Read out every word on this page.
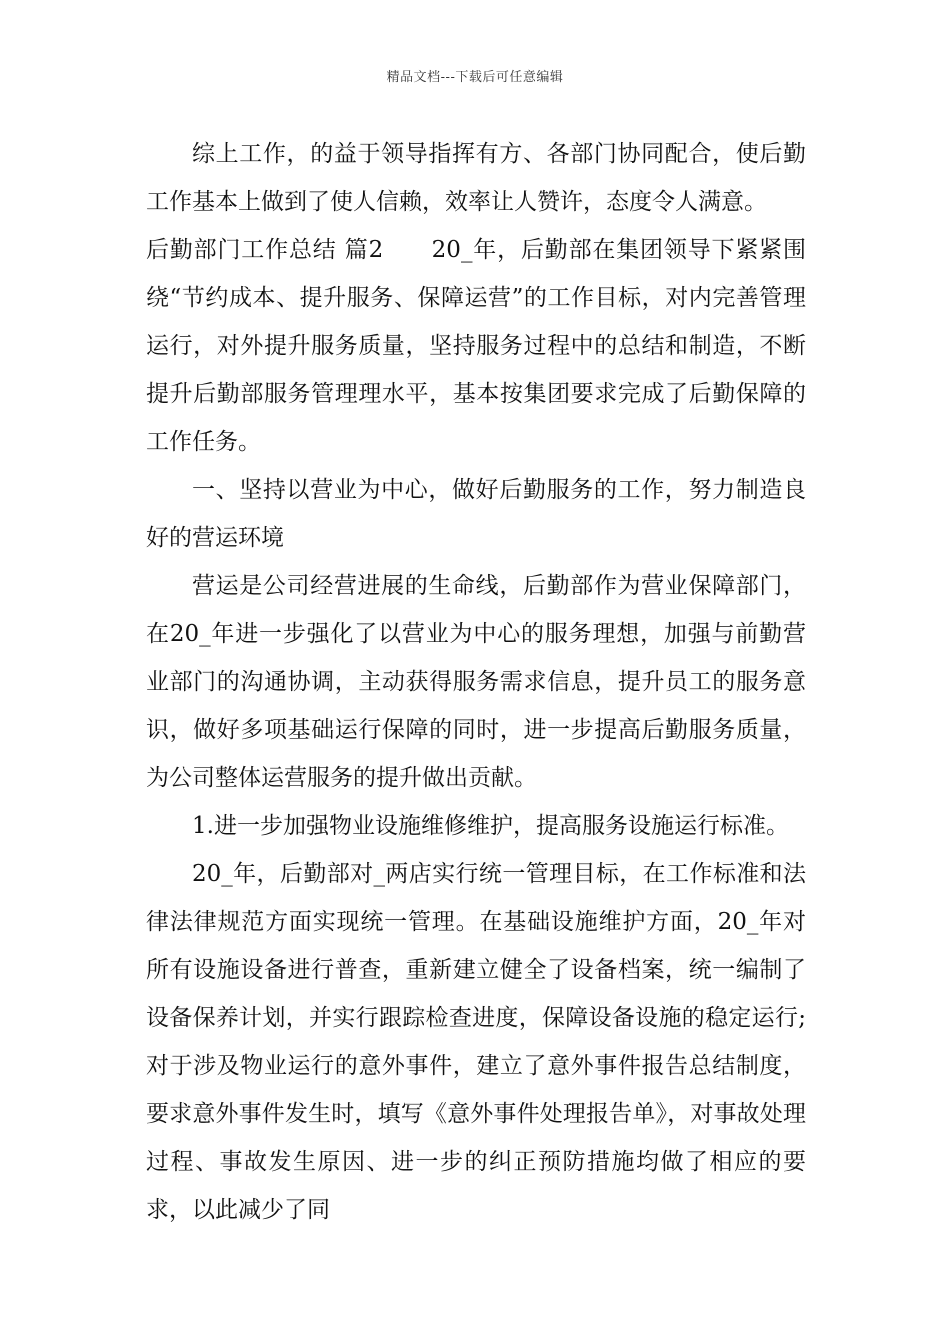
精品文档---下载后可任意编辑

综上工作，的益于领导指挥有方、各部门协同配合，使后勤工作基本上做到了使人信赖，效率让人赞许，态度令人满意。

后勤部门工作总结 篇2　　20_年，后勤部在集团领导下紧紧围绕“节约成本、提升服务、保障运营”的工作目标，对内完善管理运行，对外提升服务质量，坚持服务过程中的总结和制造，不断提升后勤部服务管理理水平，基本按集团要求完成了后勤保障的工作任务。

一、坚持以营业为中心，做好后勤服务的工作，努力制造良好的营运环境

营运是公司经营进展的生命线，后勤部作为营业保障部门，在20_年进一步强化了以营业为中心的服务理想，加强与前勤营业部门的沟通协调，主动获得服务需求信息，提升员工的服务意识，做好多项基础运行保障的同时，进一步提高后勤服务质量，为公司整体运营服务的提升做出贡献。

1.进一步加强物业设施维修维护，提高服务设施运行标准。

20_年，后勤部对_两店实行统一管理目标，在工作标准和法律法律规范方面实现统一管理。在基础设施维护方面，20_年对所有设施设备进行普查，重新建立健全了设备档案，统一编制了设备保养计划，并实行跟踪检查进度，保障设备设施的稳定运行;对于涉及物业运行的意外事件，建立了意外事件报告总结制度，要求意外事件发生时，填写《意外事件处理报告单》，对事故处理过程、事故发生原因、进一步的纠正预防措施均做了相应的要求，以此减少了同
